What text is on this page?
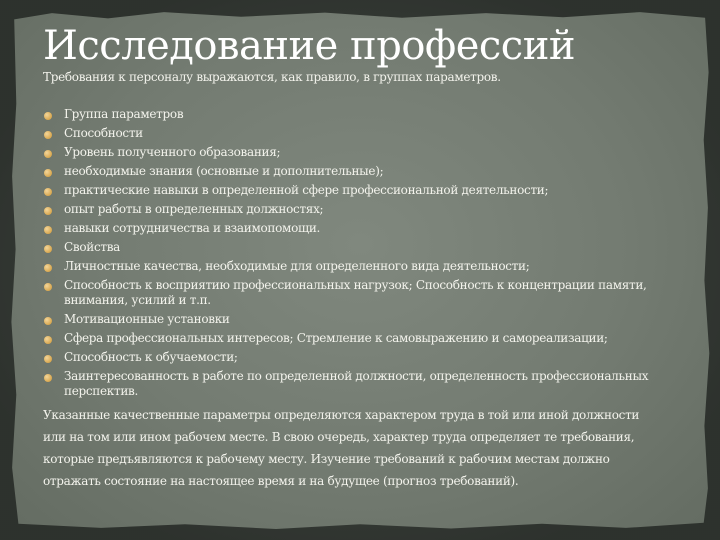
Исследование профессий

Требования к персоналу выражаются, как правило, в группах параметров.

Группа параметров
Способности
Уровень полученного образования;
необходимые знания (основные и дополнительные);
практические навыки в определенной сфере профессиональной деятельности;
опыт работы в определенных должностях;
навыки сотрудничества и взаимопомощи.
Свойства
Личностные качества, необходимые для определенного вида деятельности;
Способность к восприятию профессиональных нагрузок; Способность к концентрации памяти, внимания, усилий и т.п.
Мотивационные установки
Сфера профессиональных интересов; Стремление к самовыражению и самореализации;
Способность к обучаемости;
Заинтересованность в работе по определенной должности, определенность профессиональных перспектив.

Указанные качественные параметры определяются характером труда в той или иной должности
или на том или ином рабочем месте. В свою очередь, характер труда определяет те требования,
которые предъявляются к рабочему месту. Изучение требований к рабочим местам должно
отражать состояние на настоящее время и на будущее (прогноз требований).
